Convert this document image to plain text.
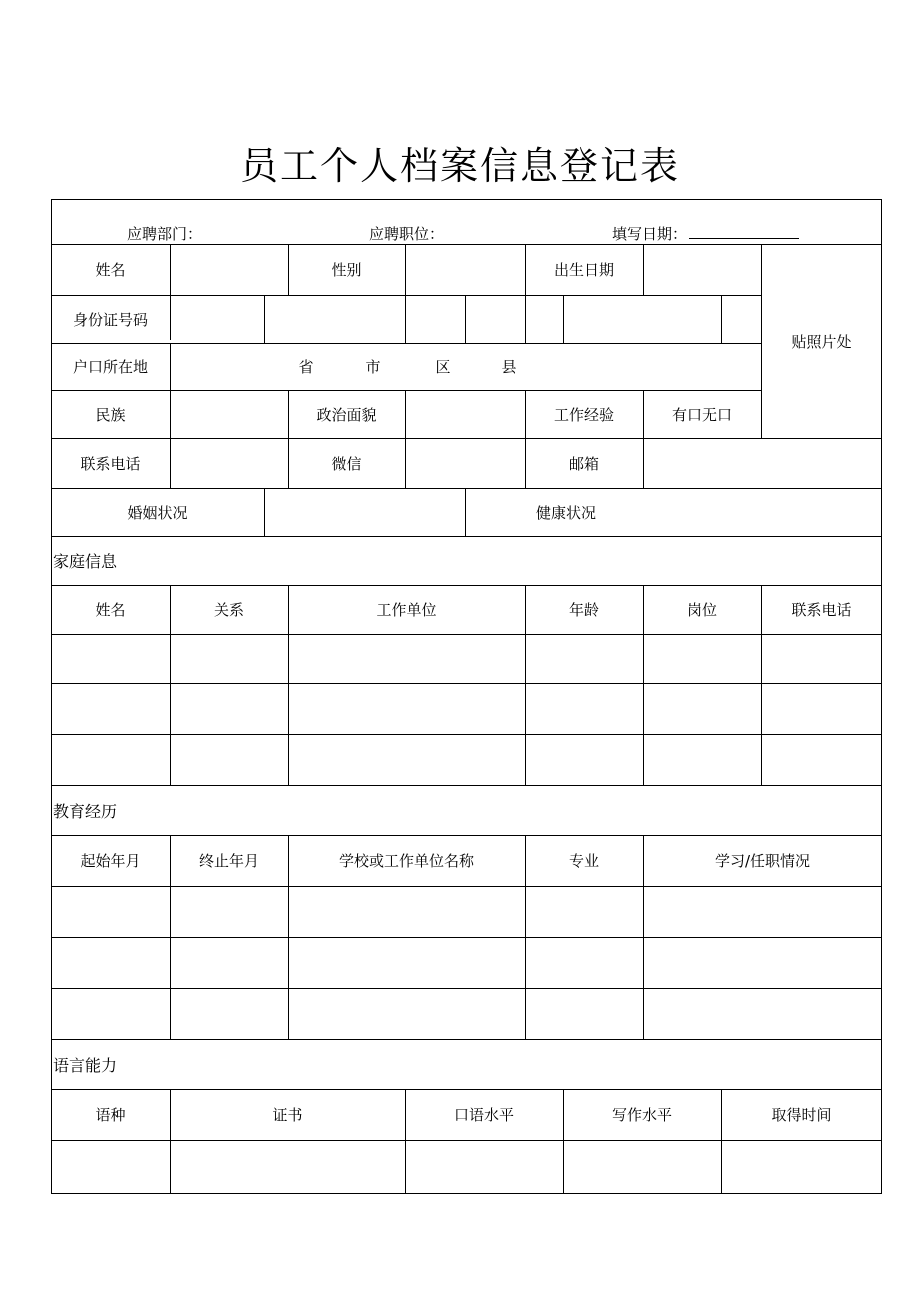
员工个人档案信息登记表
应聘部门：	应聘职位：	填写日期：
姓名	性别	出生日期
贴照片处
身份证号码
户口所在地	省	市	区	县
民族	政治面貌	工作经验	有口无口
联系电话	微信	邮箱
婚姻状况	健康状况
家庭信息
姓名	关系	工作单位	年龄	岗位	联系电话
教育经历
起始年月	终止年月	学校或工作单位名称	专业	学习/任职情况
语言能力
语种	证书	口语水平	写作水平	取得时间
